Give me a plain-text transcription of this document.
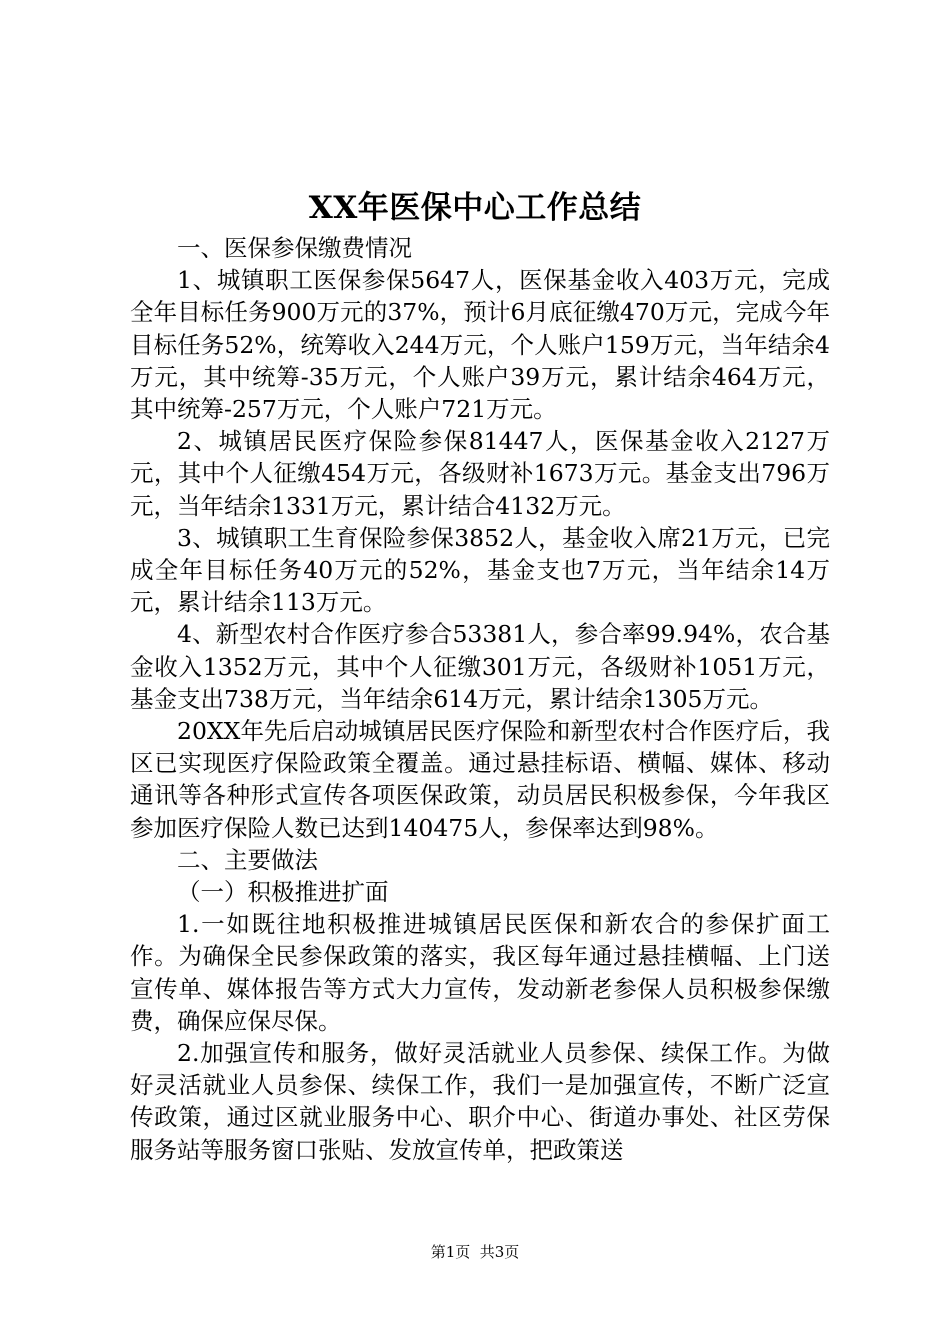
XX年医保中心工作总结

一、医保参保缴费情况

1、城镇职工医保参保5647人，医保基金收入403万元，完成全年目标任务900万元的37%，预计6月底征缴470万元，完成今年目标任务52%，统筹收入244万元，个人账户159万元，当年结余4万元，其中统筹-35万元，个人账户39万元，累计结余464万元，其中统筹-257万元，个人账户721万元。

2、城镇居民医疗保险参保81447人，医保基金收入2127万元，其中个人征缴454万元，各级财补1673万元。基金支出796万元，当年结余1331万元，累计结合4132万元。

3、城镇职工生育保险参保3852人，基金收入席21万元，已完成全年目标任务40万元的52%，基金支也7万元，当年结余14万元，累计结余113万元。

4、新型农村合作医疗参合53381人，参合率99.94%，农合基金收入1352万元，其中个人征缴301万元，各级财补1051万元，基金支出738万元，当年结余614万元，累计结余1305万元。

20XX年先后启动城镇居民医疗保险和新型农村合作医疗后，我区已实现医疗保险政策全覆盖。通过悬挂标语、横幅、媒体、移动通讯等各种形式宣传各项医保政策，动员居民积极参保，今年我区参加医疗保险人数已达到140475人，参保率达到98%。

二、主要做法

（一）积极推进扩面

1.一如既往地积极推进城镇居民医保和新农合的参保扩面工作。为确保全民参保政策的落实，我区每年通过悬挂横幅、上门送宣传单、媒体报告等方式大力宣传，发动新老参保人员积极参保缴费，确保应保尽保。

2.加强宣传和服务，做好灵活就业人员参保、续保工作。为做好灵活就业人员参保、续保工作，我们一是加强宣传，不断广泛宣传政策，通过区就业服务中心、职介中心、街道办事处、社区劳保服务站等服务窗口张贴、发放宣传单，把政策送

第1页  共3页
